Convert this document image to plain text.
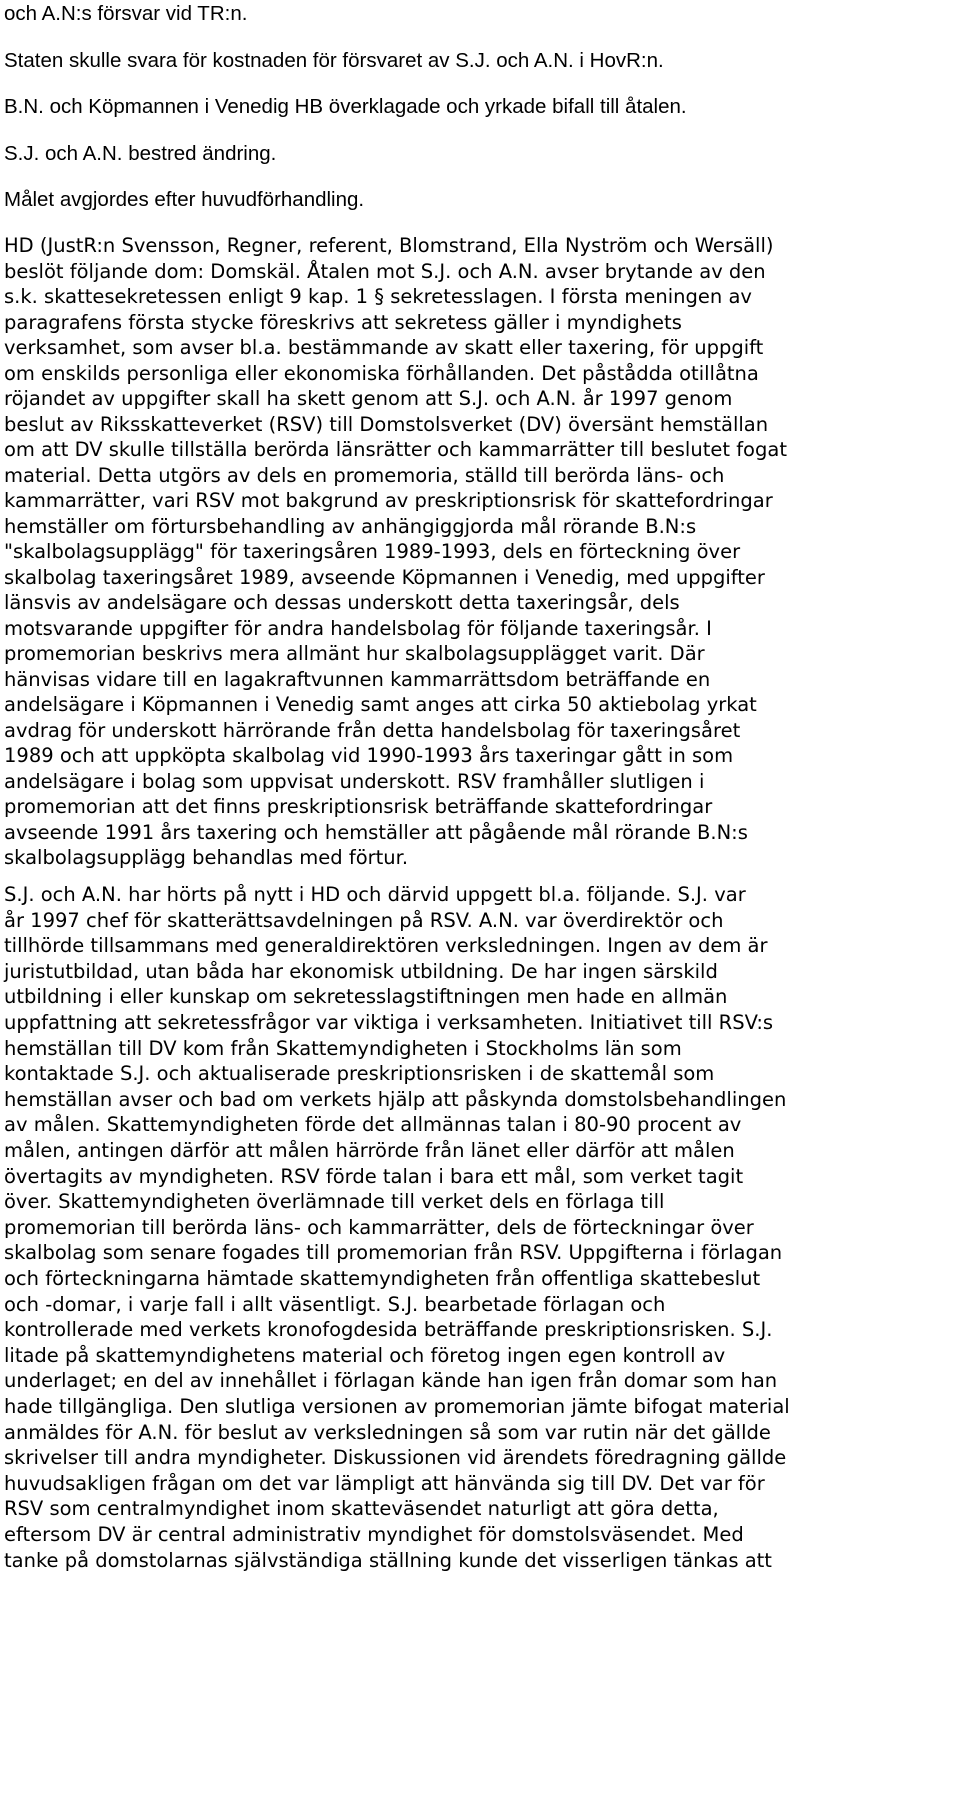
och A.N:s försvar vid TR:n.
Staten skulle svara för kostnaden för försvaret av S.J. och A.N. i HovR:n.
B.N. och Köpmannen i Venedig HB överklagade och yrkade bifall till åtalen.
S.J. och A.N. bestred ändring.
Målet avgjordes efter huvudförhandling.
HD (JustR:n Svensson, Regner, referent, Blomstrand, Ella Nyström och Wersäll)
beslöt följande dom: Domskäl. Åtalen mot S.J. och A.N. avser brytande av den
s.k. skattesekretessen enligt 9 kap. 1 § sekretesslagen. I första meningen av
paragrafens första stycke föreskrivs att sekretess gäller i myndighets
verksamhet, som avser bl.a. bestämmande av skatt eller taxering, för uppgift
om enskilds personliga eller ekonomiska förhållanden. Det påstådda otillåtna
röjandet av uppgifter skall ha skett genom att S.J. och A.N. år 1997 genom
beslut av Riksskatteverket (RSV) till Domstolsverket (DV) översänt hemställan
om att DV skulle tillställa berörda länsrätter och kammarrätter till beslutet fogat
material. Detta utgörs av dels en promemoria, ställd till berörda läns- och
kammarrätter, vari RSV mot bakgrund av preskriptionsrisk för skattefordringar
hemställer om förtursbehandling av anhängiggjorda mål rörande B.N:s
"skalbolagsupplägg" för taxeringsåren 1989-1993, dels en förteckning över
skalbolag taxeringsåret 1989, avseende Köpmannen i Venedig, med uppgifter
länsvis av andelsägare och dessas underskott detta taxeringsår, dels
motsvarande uppgifter för andra handelsbolag för följande taxeringsår. I
promemorian beskrivs mera allmänt hur skalbolagsupplägget varit. Där
hänvisas vidare till en lagakraftvunnen kammarrättsdom beträffande en
andelsägare i Köpmannen i Venedig samt anges att cirka 50 aktiebolag yrkat
avdrag för underskott härrörande från detta handelsbolag för taxeringsåret
1989 och att uppköpta skalbolag vid 1990-1993 års taxeringar gått in som
andelsägare i bolag som uppvisat underskott. RSV framhåller slutligen i
promemorian att det finns preskriptionsrisk beträffande skattefordringar
avseende 1991 års taxering och hemställer att pågående mål rörande B.N:s
skalbolagsupplägg behandlas med förtur.
S.J. och A.N. har hörts på nytt i HD och därvid uppgett bl.a. följande. S.J. var
år 1997 chef för skatterättsavdelningen på RSV. A.N. var överdirektör och
tillhörde tillsammans med generaldirektören verksledningen. Ingen av dem är
juristutbildad, utan båda har ekonomisk utbildning. De har ingen särskild
utbildning i eller kunskap om sekretesslagstiftningen men hade en allmän
uppfattning att sekretessfrågor var viktiga i verksamheten. Initiativet till RSV:s
hemställan till DV kom från Skattemyndigheten i Stockholms län som
kontaktade S.J. och aktualiserade preskriptionsrisken i de skattemål som
hemställan avser och bad om verkets hjälp att påskynda domstolsbehandlingen
av målen. Skattemyndigheten förde det allmännas talan i 80-90 procent av
målen, antingen därför att målen härrörde från länet eller därför att målen
övertagits av myndigheten. RSV förde talan i bara ett mål, som verket tagit
över. Skattemyndigheten överlämnade till verket dels en förlaga till
promemorian till berörda läns- och kammarrätter, dels de förteckningar över
skalbolag som senare fogades till promemorian från RSV. Uppgifterna i förlagan
och förteckningarna hämtade skattemyndigheten från offentliga skattebeslut
och -domar, i varje fall i allt väsentligt. S.J. bearbetade förlagan och
kontrollerade med verkets kronofogdesida beträffande preskriptionsrisken. S.J.
litade på skattemyndighetens material och företog ingen egen kontroll av
underlaget; en del av innehållet i förlagan kände han igen från domar som han
hade tillgängliga. Den slutliga versionen av promemorian jämte bifogat material
anmäldes för A.N. för beslut av verksledningen så som var rutin när det gällde
skrivelser till andra myndigheter. Diskussionen vid ärendets föredragning gällde
huvudsakligen frågan om det var lämpligt att hänvända sig till DV. Det var för
RSV som centralmyndighet inom skatteväsendet naturligt att göra detta,
eftersom DV är central administrativ myndighet för domstolsväsendet. Med
tanke på domstolarnas självständiga ställning kunde det visserligen tänkas att
